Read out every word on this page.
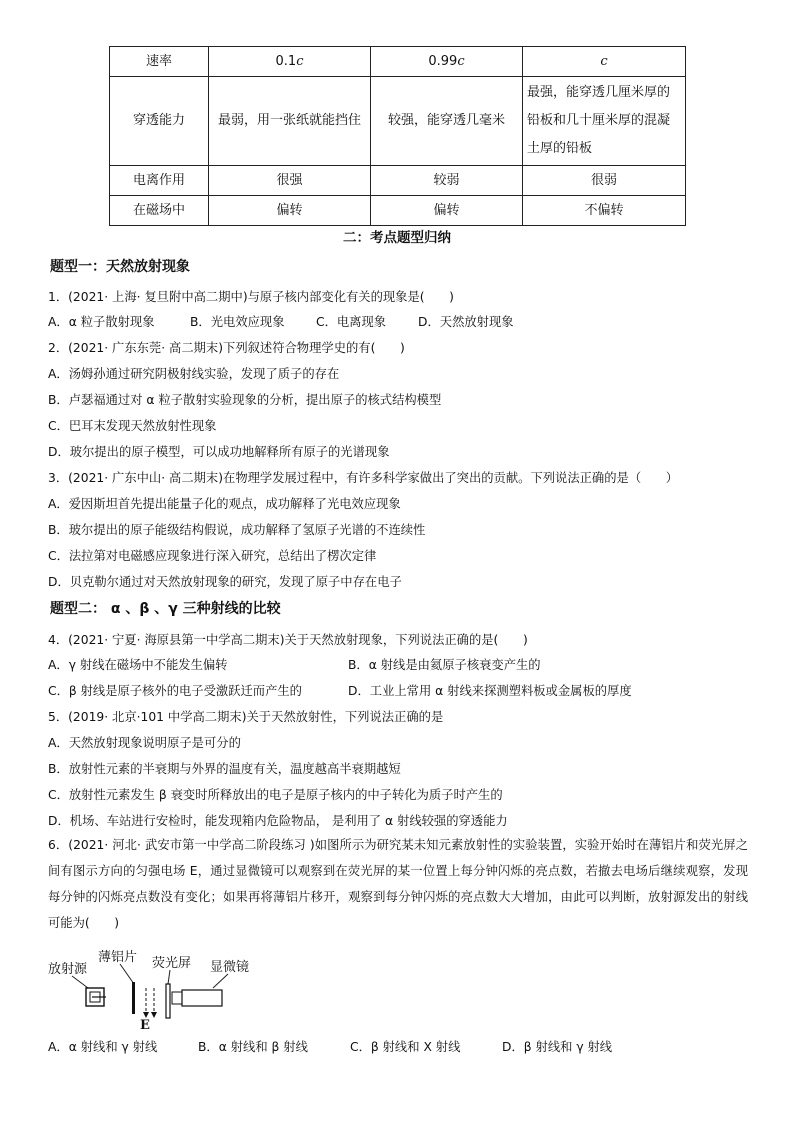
速率	0.1c	0.99c	c
穿透能力	最弱，用一张纸就能挡住	较强，能穿透几毫米	最强，能穿透几厘米厚的铅板和几十厘米厚的混凝土厚的铅板
电离作用	很强	较弱	很弱
在磁场中	偏转	偏转	不偏转
二：考点题型归纳
题型一：天然放射现象
1．(2021· 上海· 复旦附中高二期中)与原子核内部变化有关的现象是(　　)
A．α 粒子散射现象	B．光电效应现象	C．电离现象	D．天然放射现象
2．(2021· 广东东莞· 高二期末)下列叙述符合物理学史的有(　　)
A．汤姆孙通过研究阴极射线实验，发现了质子的存在
B．卢瑟福通过对 α 粒子散射实验现象的分析，提出原子的核式结构模型
C．巴耳末发现天然放射性现象
D．玻尔提出的原子模型，可以成功地解释所有原子的光谱现象
3．(2021· 广东中山· 高二期末)在物理学发展过程中，有许多科学家做出了突出的贡献。下列说法正确的是（　　）
A．爱因斯坦首先提出能量子化的观点，成功解释了光电效应现象
B．玻尔提出的原子能级结构假说，成功解释了氢原子光谱的不连续性
C．法拉第对电磁感应现象进行深入研究，总结出了楞次定律
D．贝克勒尔通过对天然放射现象的研究，发现了原子中存在电子
题型二： α 、β 、γ 三种射线的比较
4．(2021· 宁夏· 海原县第一中学高二期末)关于天然放射现象，下列说法正确的是(　　)
A．γ 射线在磁场中不能发生偏转	B．α 射线是由氦原子核衰变产生的
C．β 射线是原子核外的电子受激跃迁而产生的	D．工业上常用 α 射线来探测塑料板或金属板的厚度
5．(2019· 北京·101 中学高二期末)关于天然放射性，下列说法正确的是
A．天然放射现象说明原子是可分的
B．放射性元素的半衰期与外界的温度有关，温度越高半衰期越短
C．放射性元素发生 β 衰变时所释放出的电子是原子核内的中子转化为质子时产生的
D．机场、车站进行安检时，能发现箱内危险物品， 是利用了 α 射线较强的穿透能力
6．(2021· 河北· 武安市第一中学高二阶段练习 )如图所示为研究某未知元素放射性的实验装置，实验开始时在薄铝片和荧光屏之间有图示方向的匀强电场 E，通过显微镜可以观察到在荧光屏的某一位置上每分钟闪烁的亮点数，若撤去电场后继续观察，发现每分钟的闪烁亮点数没有变化；如果再将薄铝片移开，观察到每分钟闪烁的亮点数大大增加，由此可以判断，放射源发出的射线可能为(　　)
放射源
薄铝片 荧光屏 显微镜
E
A．α 射线和 γ 射线	B．α 射线和 β 射线	C．β 射线和 X 射线	D．β 射线和 γ 射线
